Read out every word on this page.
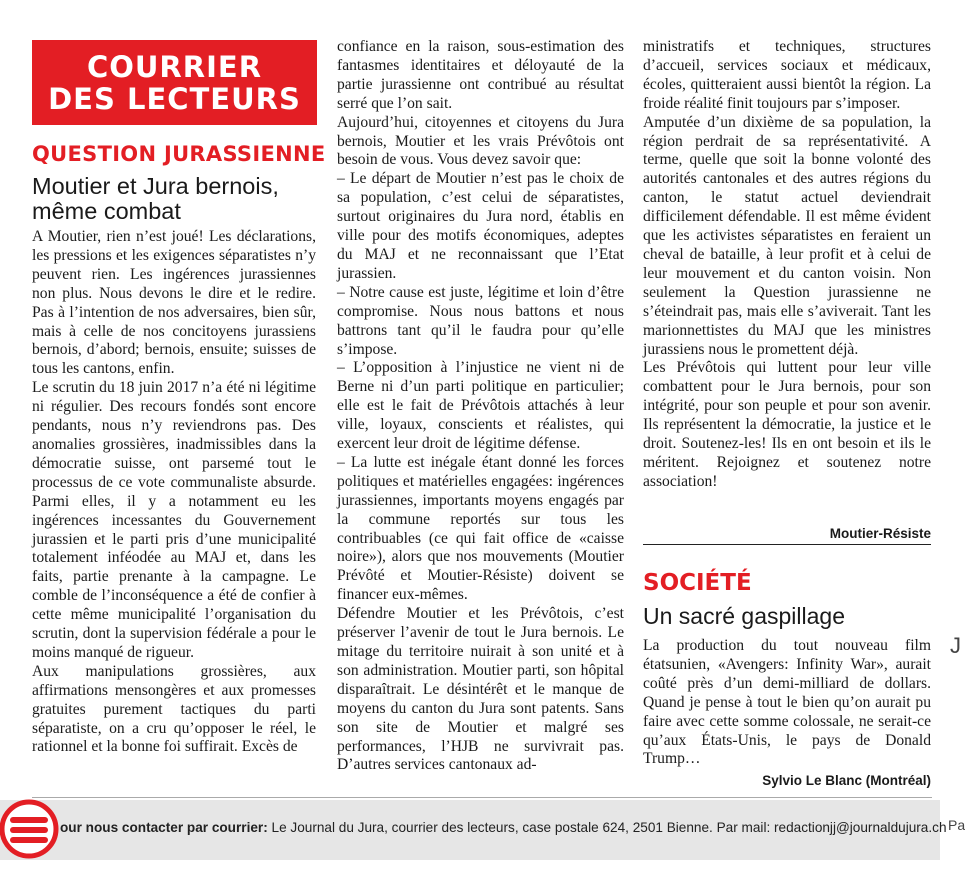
COURRIER
DES LECTEURS
QUESTION JURASSIENNE
Moutier et Jura bernois, même combat

A Moutier, rien n’est joué! Les déclarations, les pressions et les exigences séparatistes n’y peuvent rien. Les ingérences jurassiennes non plus. Nous devons le dire et le redire. Pas à l’intention de nos adversaires, bien sûr, mais à celle de nos concitoyens jurassiens bernois, d’abord; bernois, ensuite; suisses de tous les cantons, enfin.

Le scrutin du 18 juin 2017 n’a été ni légitime ni régulier. Des recours fondés sont encore pendants, nous n’y reviendrons pas. Des anomalies grossières, inadmissibles dans la démocratie suisse, ont parsemé tout le processus de ce vote communaliste absurde. Parmi elles, il y a notamment eu les ingérences incessantes du Gouvernement jurassien et le parti pris d’une municipalité totalement inféodée au MAJ et, dans les faits, partie prenante à la campagne. Le comble de l’inconséquence a été de confier à cette même municipalité l’organisation du scrutin, dont la supervision fédérale a pour le moins manqué de rigueur.

Aux manipulations grossières, aux affirmations mensongères et aux promesses gratuites purement tactiques du parti séparatiste, on a cru qu’opposer le réel, le rationnel et la bonne foi suffirait. Excès de

confiance en la raison, sous-estimation des fantasmes identitaires et déloyauté de la partie jurassienne ont contribué au résultat serré que l’on sait.

Aujourd’hui, citoyennes et citoyens du Jura bernois, Moutier et les vrais Prévôtois ont besoin de vous. Vous devez savoir que:

– Le départ de Moutier n’est pas le choix de sa population, c’est celui de séparatistes, surtout originaires du Jura nord, établis en ville pour des motifs économiques, adeptes du MAJ et ne reconnaissant que l’Etat jurassien.

– Notre cause est juste, légitime et loin d’être compromise. Nous nous battons et nous battrons tant qu’il le faudra pour qu’elle s’impose.

– L’opposition à l’injustice ne vient ni de Berne ni d’un parti politique en particulier; elle est le fait de Prévôtois attachés à leur ville, loyaux, conscients et réalistes, qui exercent leur droit de légitime défense.

– La lutte est inégale étant donné les forces politiques et matérielles engagées: ingérences jurassiennes, importants moyens engagés par la commune reportés sur tous les contribuables (ce qui fait office de «caisse noire»), alors que nos mouvements (Moutier Prévôté et Moutier-Résiste) doivent se financer eux-mêmes.

Défendre Moutier et les Prévôtois, c’est préserver l’avenir de tout le Jura bernois. Le mitage du territoire nuirait à son unité et à son administration. Moutier parti, son hôpital disparaîtrait. Le désintérêt et le manque de moyens du canton du Jura sont patents. Sans son site de Moutier et malgré ses performances, l’HJB ne survivrait pas. D’autres services cantonaux ad-

ministratifs et techniques, structures d’accueil, services sociaux et médicaux, écoles, quitteraient aussi bientôt la région. La froide réalité finit toujours par s’imposer.

Amputée d’un dixième de sa population, la région perdrait de sa représentativité. A terme, quelle que soit la bonne volonté des autorités cantonales et des autres régions du canton, le statut actuel deviendrait difficilement défendable. Il est même évident que les activistes séparatistes en feraient un cheval de bataille, à leur profit et à celui de leur mouvement et du canton voisin. Non seulement la Question jurassienne ne s’éteindrait pas, mais elle s’aviverait. Tant les marionnettistes du MAJ que les ministres jurassiens nous le promettent déjà.

Les Prévôtois qui luttent pour leur ville combattent pour le Jura bernois, pour son intégrité, pour son peuple et pour son avenir. Ils représentent la démocratie, la justice et le droit. Soutenez-les! Ils en ont besoin et ils le méritent. Rejoignez et soutenez notre association!

Moutier-Résiste
SOCIÉTÉ
Un sacré gaspillage

La production du tout nouveau film étatsunien, «Avengers: Infinity War», aurait coûté près d’un demi-milliard de dollars. Quand je pense à tout le bien qu’on aurait pu faire avec cette somme colossale, ne serait-ce qu’aux États-Unis, le pays de Donald Trump…

Sylvio Le Blanc (Montréal)
our nous contacter par courrier: Le Journal du Jura, courrier des lecteurs, case postale 624, 2501 Bienne. Par mail: redactionjj@journaldujura.ch
J
Pa
